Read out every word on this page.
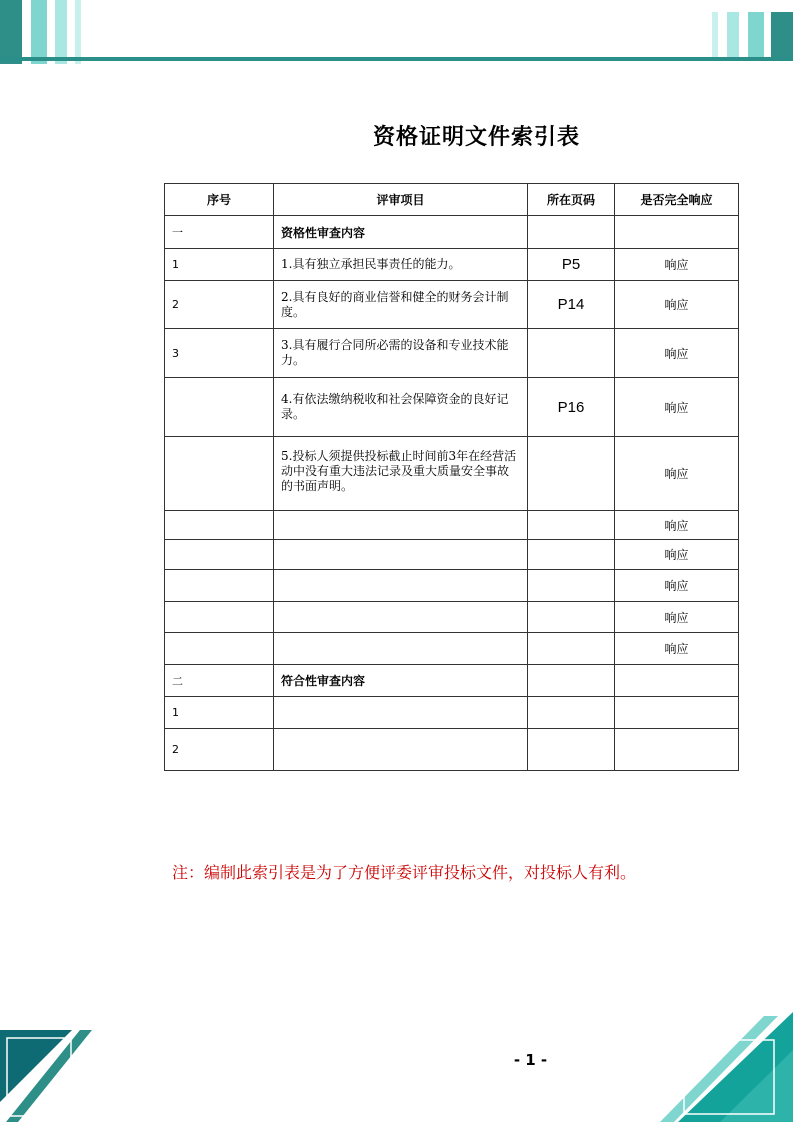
资格证明文件索引表
序号	评审项目	所在页码	是否完全响应
一	资格性审查内容		
1	1.具有独立承担民事责任的能力。	P5	响应
2	2.具有良好的商业信誉和健全的财务会计制度。	P14	响应
3	3.具有履行合同所必需的设备和专业技术能力。		响应
	4.有依法缴纳税收和社会保障资金的良好记录。	P16	响应
	5.投标人须提供投标截止时间前3年在经营活动中没有重大违法记录及重大质量安全事故的书面声明。		响应
			响应
			响应
			响应
			响应
			响应
二	符合性审查内容		
1			
2			
注：编制此索引表是为了方便评委评审投标文件，对投标人有利。
- 1 -
